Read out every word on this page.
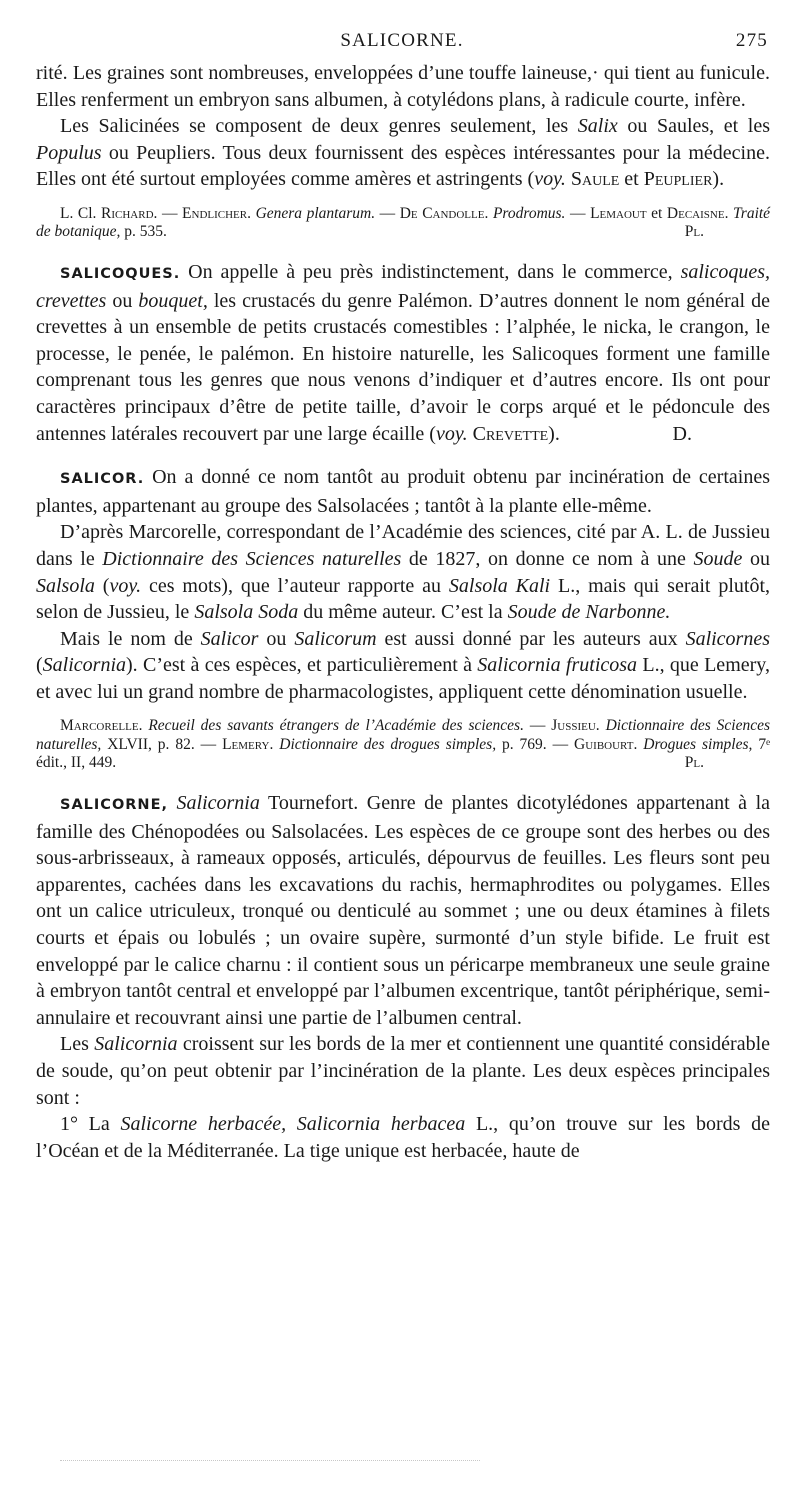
SALICORNE.	275

rité. Les graines sont nombreuses, enveloppées d’une touffe laineuse,· qui tient au funicule. Elles renferment un embryon sans albumen, à cotylédons plans, à radicule courte, infère.

Les Salicinées se composent de deux genres seulement, les Salix ou Saules, et les Populus ou Peupliers. Tous deux fournissent des espèces intéressantes pour la médecine. Elles ont été surtout employées comme amères et astringents (voy. Saule et Peuplier).

L. Cl. Richard. — Endlicher. Genera plantarum. — De Candolle. Prodromus. — Lemaout et Decaisne. Traité de botanique, p. 535.	Pl.

SALICOQUES. On appelle à peu près indistinctement, dans le commerce, salicoques, crevettes ou bouquet, les crustacés du genre Palémon. D’autres donnent le nom général de crevettes à un ensemble de petits crustacés comestibles : l’alphée, le nicka, le crangon, le processe, le penée, le palémon. En histoire naturelle, les Salicoques forment une famille comprenant tous les genres que nous venons d’indiquer et d’autres encore. Ils ont pour caractères principaux d’être de petite taille, d’avoir le corps arqué et le pédoncule des antennes latérales recouvert par une large écaille (voy. Crevette).	D.

SALICOR. On a donné ce nom tantôt au produit obtenu par incinération de certaines plantes, appartenant au groupe des Salsolacées ; tantôt à la plante elle-même.

D’après Marcorelle, correspondant de l’Académie des sciences, cité par A. L. de Jussieu dans le Dictionnaire des Sciences naturelles de 1827, on donne ce nom à une Soude ou Salsola (voy. ces mots), que l’auteur rapporte au Salsola Kali L., mais qui serait plutôt, selon de Jussieu, le Salsola Soda du même auteur. C’est la Soude de Narbonne.

Mais le nom de Salicor ou Salicorum est aussi donné par les auteurs aux Salicornes (Salicornia). C’est à ces espèces, et particulièrement à Salicornia fruticosa L., que Lemery, et avec lui un grand nombre de pharmacologistes, appliquent cette dénomination usuelle.

Marcorelle. Recueil des savants étrangers de l’Académie des sciences. — Jussieu. Dictionnaire des Sciences naturelles, XLVII, p. 82. — Lemery. Dictionnaire des drogues simples, p. 769. — Guibourt. Drogues simples, 7ᵉ édit., II, 449.	Pl.

SALICORNE, Salicornia Tournefort. Genre de plantes dicotylédones appartenant à la famille des Chénopodées ou Salsolacées. Les espèces de ce groupe sont des herbes ou des sous-arbrisseaux, à rameaux opposés, articulés, dépourvus de feuilles. Les fleurs sont peu apparentes, cachées dans les excavations du rachis, hermaphrodites ou polygames. Elles ont un calice utriculeux, tronqué ou denticulé au sommet ; une ou deux étamines à filets courts et épais ou lobulés ; un ovaire supère, surmonté d’un style bifide. Le fruit est enveloppé par le calice charnu : il contient sous un péricarpe membraneux une seule graine à embryon tantôt central et enveloppé par l’albumen excentrique, tantôt périphérique, semi-annulaire et recouvrant ainsi une partie de l’albumen central.

Les Salicornia croissent sur les bords de la mer et contiennent une quantité considérable de soude, qu’on peut obtenir par l’incinération de la plante. Les deux espèces principales sont :

1° La Salicorne herbacée, Salicornia herbacea L., qu’on trouve sur les bords de l’Océan et de la Méditerranée. La tige unique est herbacée, haute de
